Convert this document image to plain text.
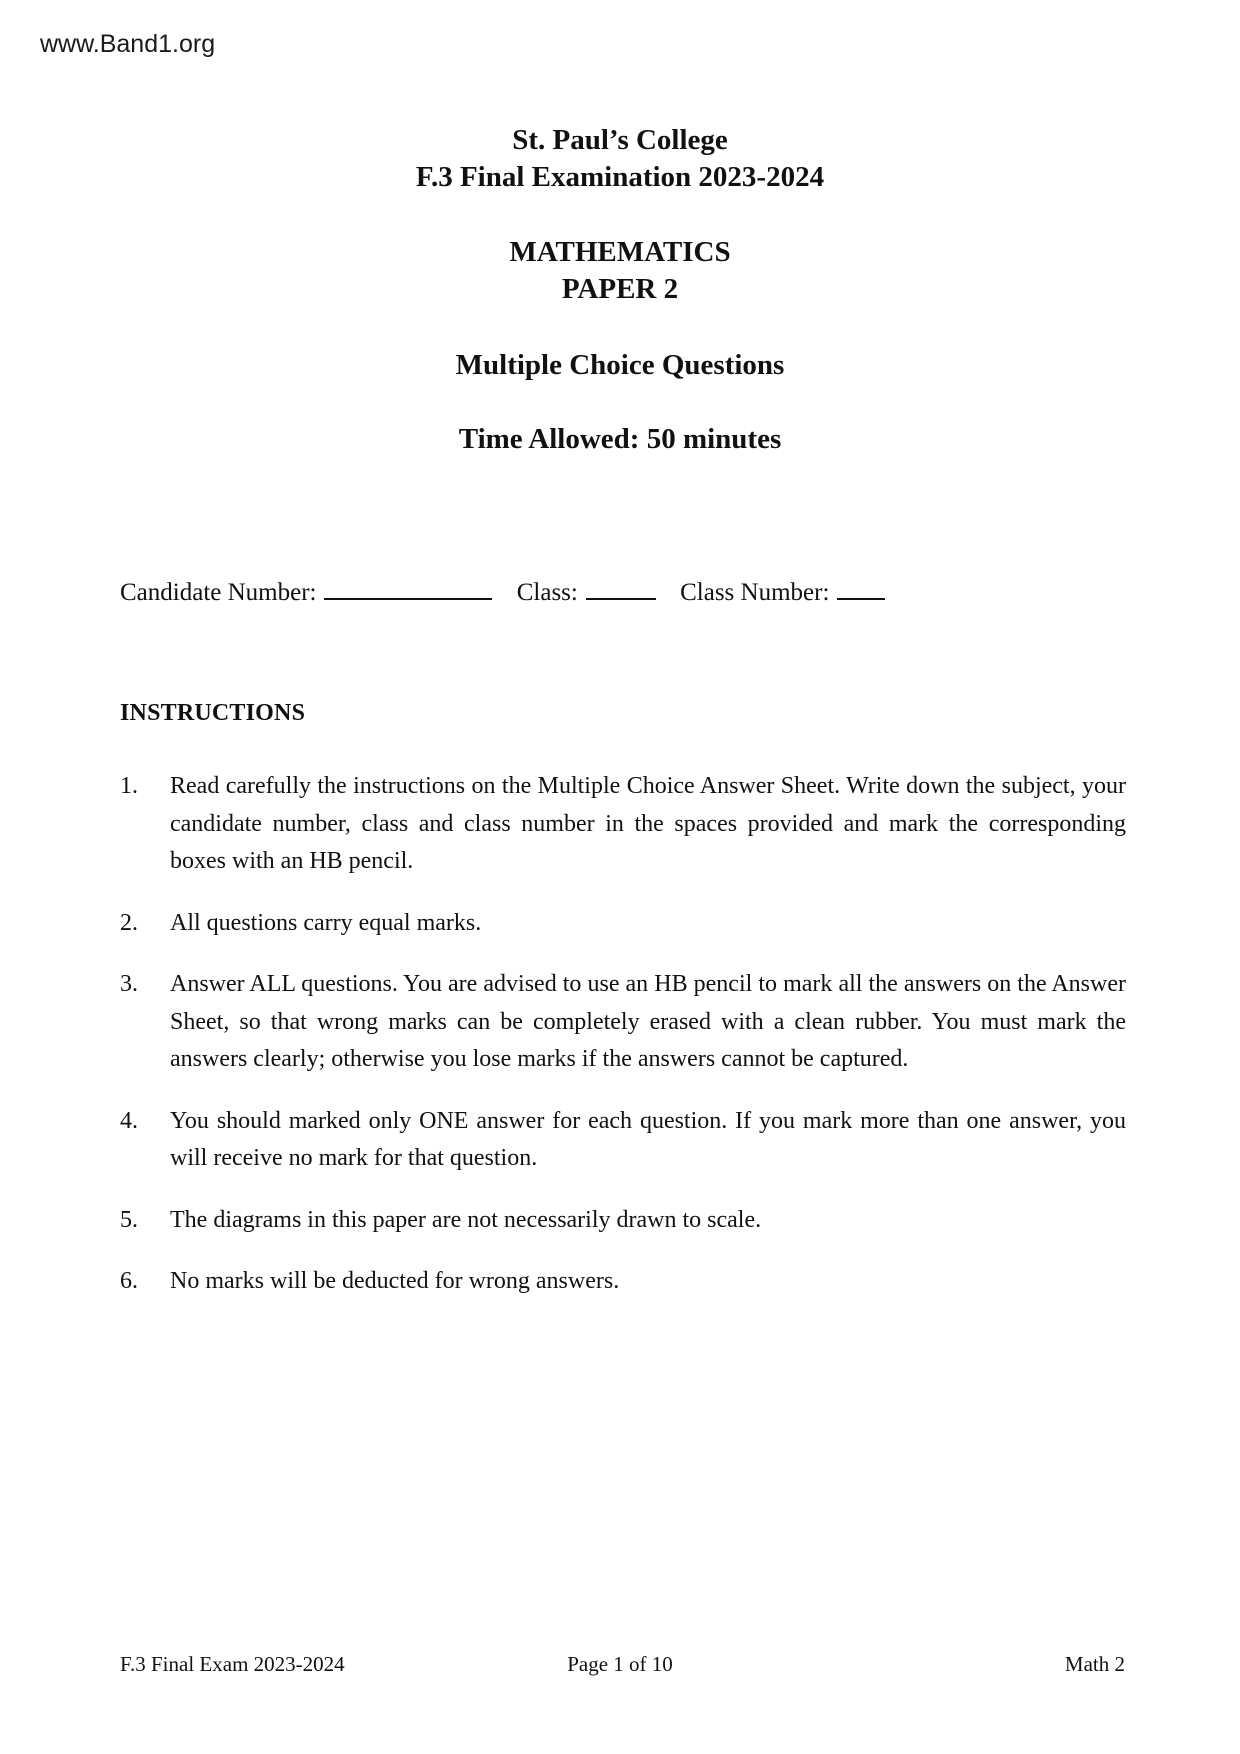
www.Band1.org
St. Paul’s College
F.3 Final Examination 2023-2024
MATHEMATICS
PAPER 2
Multiple Choice Questions
Time Allowed: 50 minutes
Candidate Number:	Class:	Class Number:
INSTRUCTIONS
1. Read carefully the instructions on the Multiple Choice Answer Sheet. Write down the subject, your candidate number, class and class number in the spaces provided and mark the corresponding boxes with an HB pencil.
2. All questions carry equal marks.
3. Answer ALL questions. You are advised to use an HB pencil to mark all the answers on the Answer Sheet, so that wrong marks can be completely erased with a clean rubber. You must mark the answers clearly; otherwise you lose marks if the answers cannot be captured.
4. You should marked only ONE answer for each question. If you mark more than one answer, you will receive no mark for that question.
5. The diagrams in this paper are not necessarily drawn to scale.
6. No marks will be deducted for wrong answers.
F.3 Final Exam 2023-2024	Page 1 of 10	Math 2
